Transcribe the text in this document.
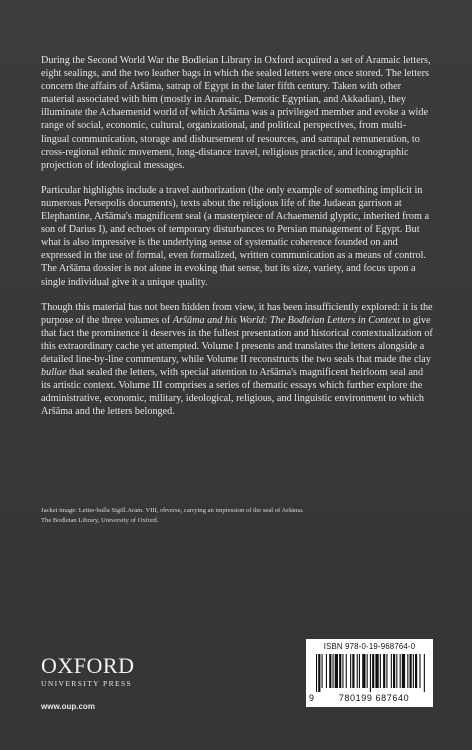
During the Second World War the Bodleian Library in Oxford acquired a set of Aramaic letters, eight sealings, and the two leather bags in which the sealed letters were once stored. The letters concern the affairs of Aršāma, satrap of Egypt in the later fifth century. Taken with other material associated with him (mostly in Aramaic, Demotic Egyptian, and Akkadian), they illuminate the Achaemenid world of which Aršāma was a privileged member and evoke a wide range of social, economic, cultural, organizational, and political perspectives, from multi-lingual communication, storage and disbursement of resources, and satrapal remuneration, to cross-regional ethnic movement, long-distance travel, religious practice, and iconographic projection of ideological messages.

Particular highlights include a travel authorization (the only example of something implicit in numerous Persepolis documents), texts about the religious life of the Judaean garrison at Elephantine, Aršāma's magnificent seal (a masterpiece of Achaemenid glyptic, inherited from a son of Darius I), and echoes of temporary disturbances to Persian management of Egypt. But what is also impressive is the underlying sense of systematic coherence founded on and expressed in the use of formal, even formalized, written communication as a means of control. The Aršāma dossier is not alone in evoking that sense, but its size, variety, and focus upon a single individual give it a unique quality.

Though this material has not been hidden from view, it has been insufficiently explored: it is the purpose of the three volumes of Aršāma and his World: The Bodleian Letters in Context to give that fact the prominence it deserves in the fullest presentation and historical contextualization of this extraordinary cache yet attempted. Volume I presents and translates the letters alongside a detailed line-by-line commentary, while Volume II reconstructs the two seals that made the clay bullae that sealed the letters, with special attention to Aršāma's magnificent heirloom seal and its artistic context. Volume III comprises a series of thematic essays which further explore the administrative, economic, military, ideological, religious, and linguistic environment to which Aršāma and the letters belonged.

Jacket image: Letter-bulla Sigill.Aram. VIII, obverse, carrying an impression of the seal of Aršāma.
The Bodleian Library, University of Oxford.
OXFORD
UNIVERSITY PRESS
www.oup.com
ISBN 978-0-19-968764-0
9	780199 687640
